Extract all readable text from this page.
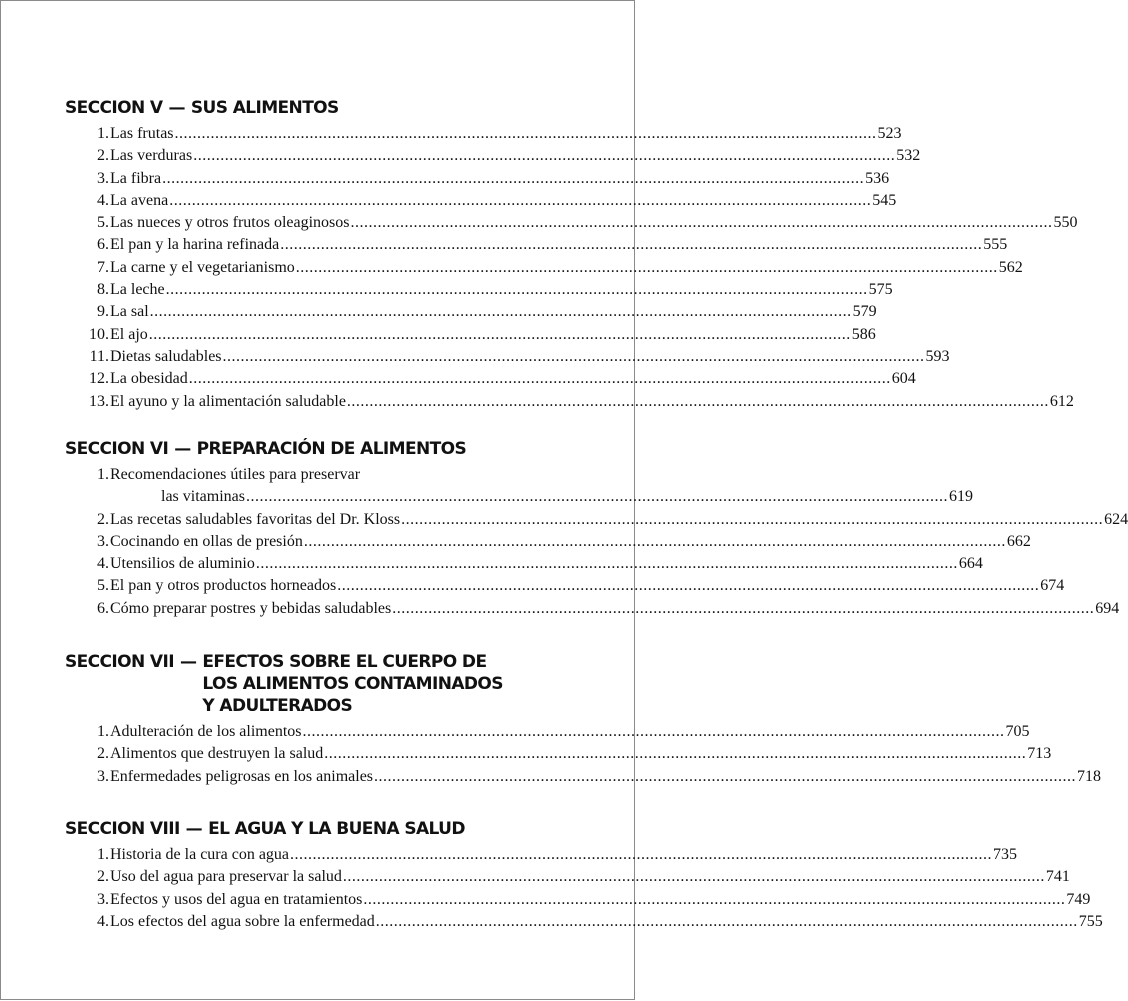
SECCION V — SUS ALIMENTOS
1. Las frutas .....	523
2. Las verduras .....	532
3. La fibra .....	536
4. La avena .....	545
5. Las nueces y otros frutos oleaginosos .....	550
6. El pan y la harina refinada .....	555
7. La carne y el vegetarianismo .....	562
8. La leche .....	575
9. La sal .....	579
10. El ajo .....	586
11. Dietas saludables .....	593
12. La obesidad .....	604
13. El ayuno y la alimentación saludable .....	612
SECCION VI — PREPARACIÓN DE ALIMENTOS
1. Recomendaciones útiles para preservar
las vitaminas .....	619
2. Las recetas saludables favoritas del Dr. Kloss .....	624
3. Cocinando en ollas de presión .....	662
4. Utensilios de aluminio .....	664
5. El pan y otros productos horneados .....	674
6. Cómo preparar postres y bebidas saludables .....	694
SECCION VII — EFECTOS SOBRE EL CUERPO DE
LOS ALIMENTOS CONTAMINADOS
Y ADULTERADOS
1. Adulteración de los alimentos .....	705
2. Alimentos que destruyen la salud .....	713
3. Enfermedades peligrosas en los animales .....	718
SECCION VIII — EL AGUA Y LA BUENA SALUD
1. Historia de la cura con agua .....	735
2. Uso del agua para preservar la salud .....	741
3. Efectos y usos del agua en tratamientos .....	749
4. Los efectos del agua sobre la enfermedad .....	755
